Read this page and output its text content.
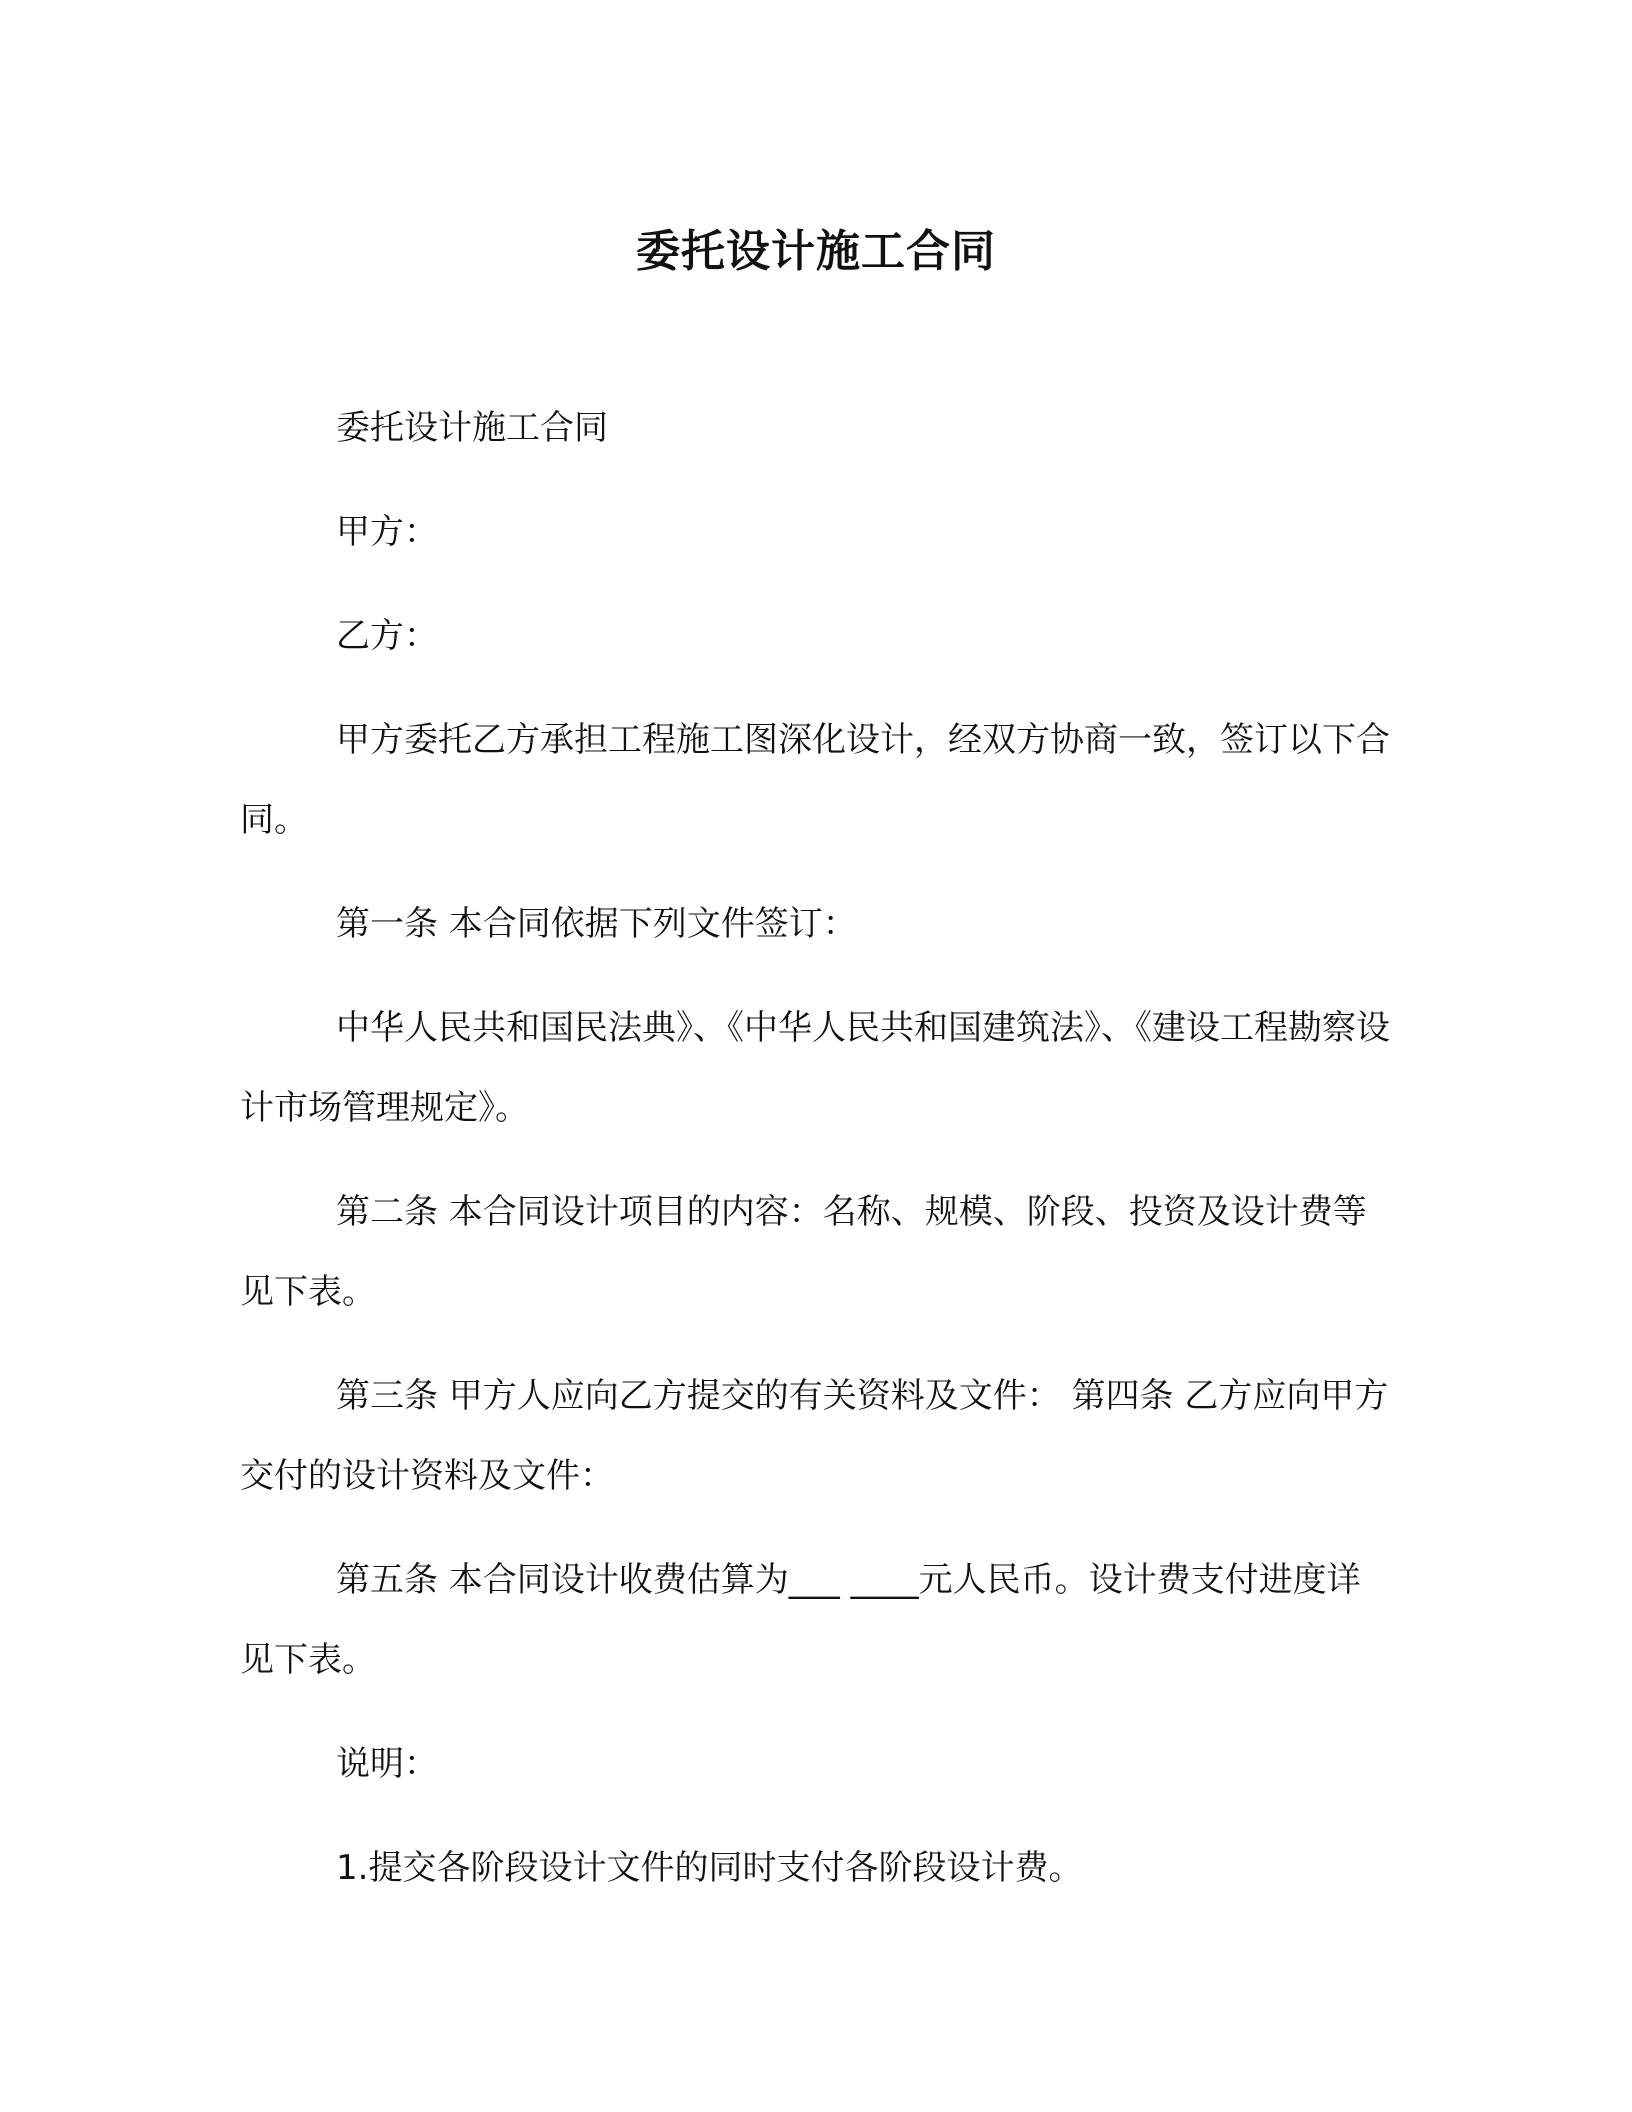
委托设计施工合同

委托设计施工合同

甲方：

乙方：

甲方委托乙方承担工程施工图深化设计，经双方协商一致，签订以下合同。

第一条 本合同依据下列文件签订：

中华人民共和国民法典》、《中华人民共和国建筑法》、《建设工程勘察设计市场管理规定》。

第二条 本合同设计项目的内容：名称、规模、阶段、投资及设计费等见下表。

第三条 甲方人应向乙方提交的有关资料及文件： 第四条 乙方应向甲方交付的设计资料及文件：

第五条 本合同设计收费估算为___ ____元人民币。设计费支付进度详见下表。

说明：

1.提交各阶段设计文件的同时支付各阶段设计费。
